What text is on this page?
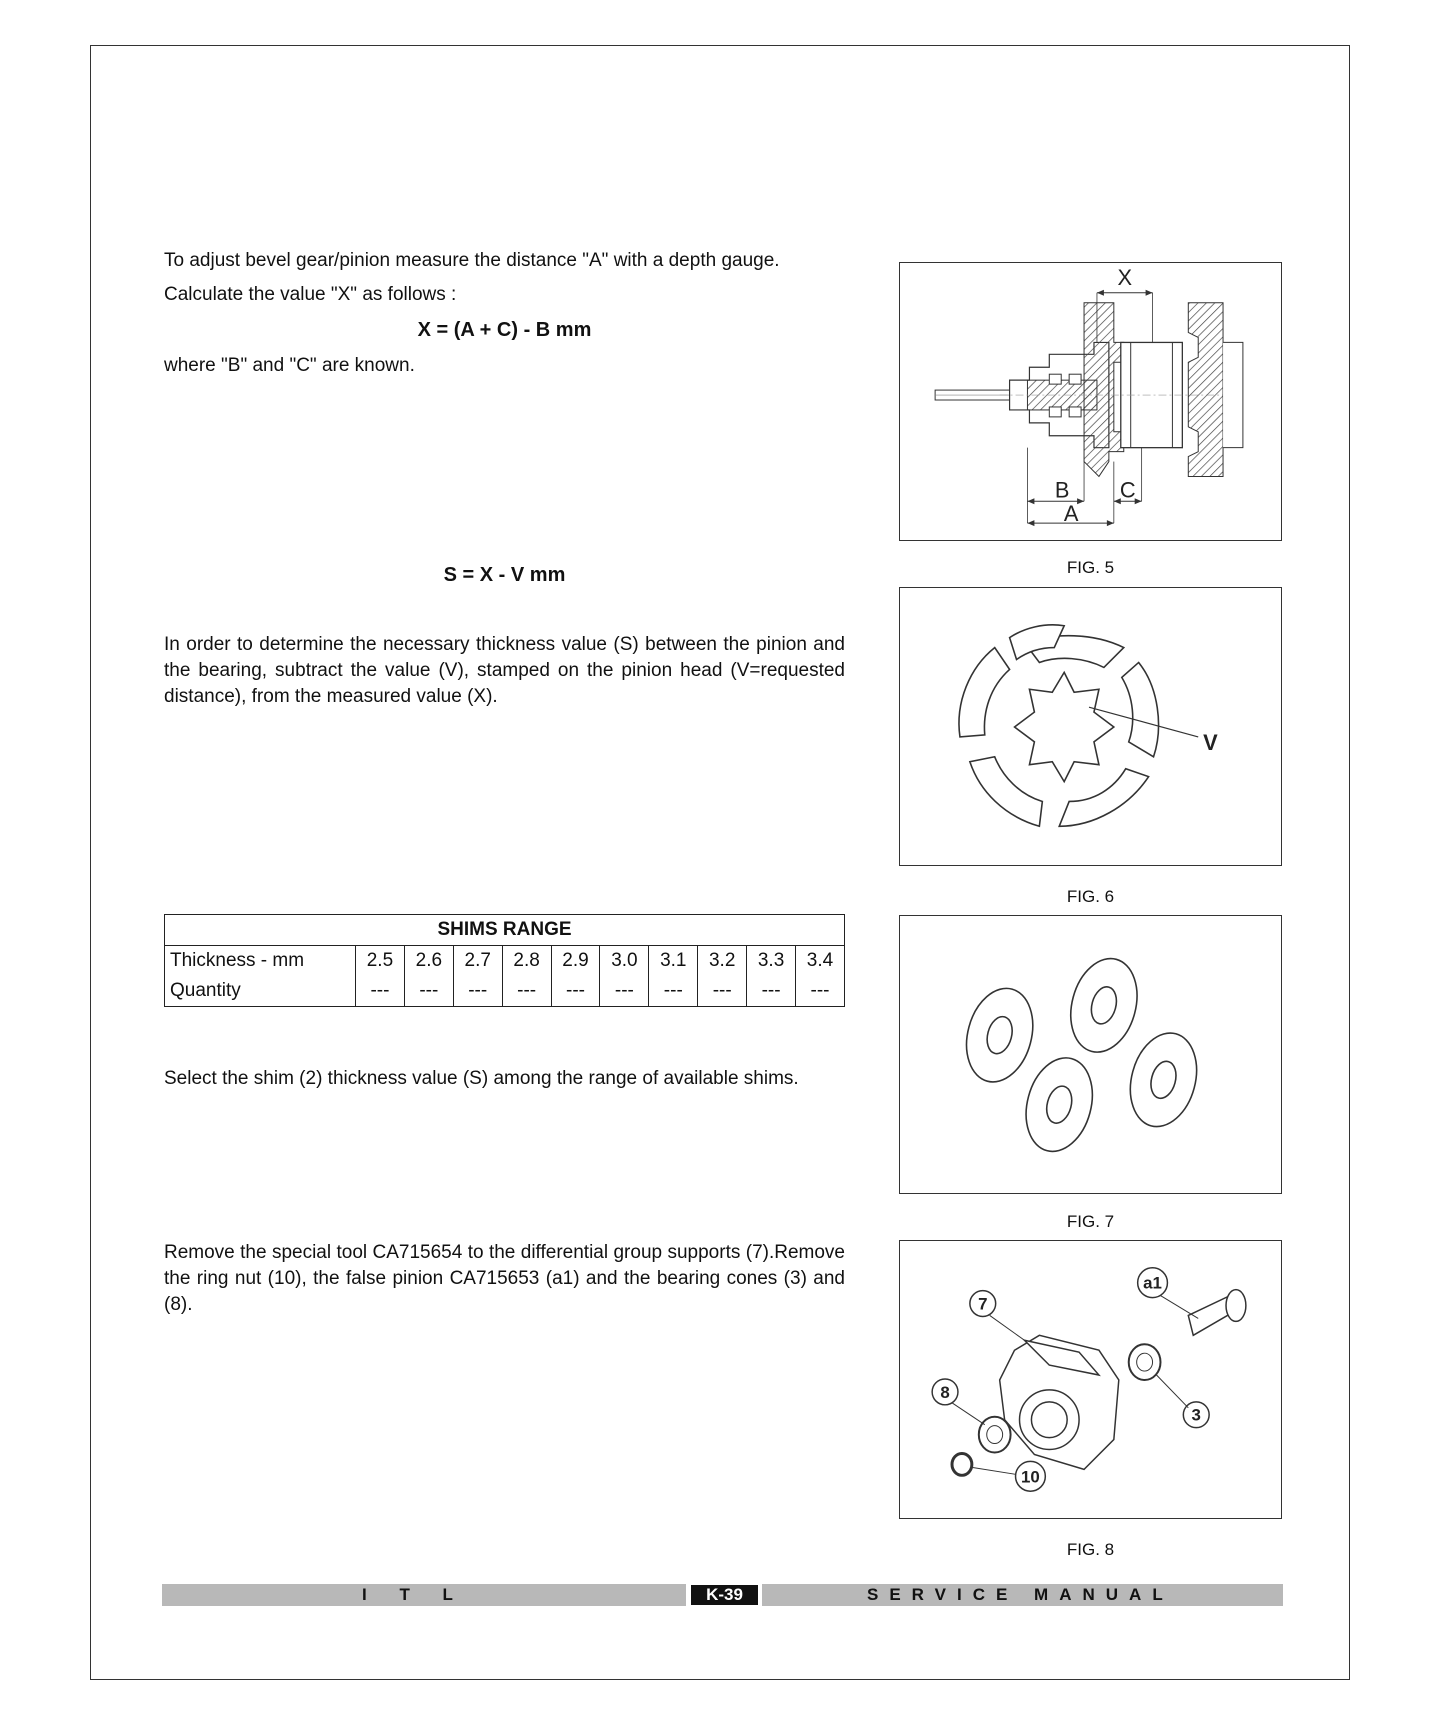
To adjust bevel gear/pinion measure the distance "A" with a depth gauge.
Calculate the value "X" as follows :
X = (A + C) - B mm
where "B" and "C" are known.
S = X - V mm
In order to determine the necessary thickness value (S) between the pinion and the bearing, subtract the value (V), stamped on the pinion head (V=requested distance), from the measured value (X).
Select the shim (2) thickness value (S) among the range of available shims.
Remove the special tool CA715654 to the differential group supports (7).Remove the ring nut (10), the false pinion CA715653 (a1) and the bearing cones (3) and (8).
SHIMS RANGE										
Thickness - mm	2.5	2.6	2.7	2.8	2.9	3.0	3.1	3.2	3.3	3.4
Quantity	---	---	---	---	---	---	---	---	---	---
X
B C
A
FIG. 5
V
FIG. 6
FIG. 7
7
a1
8
3
10
FIG. 8
I T L	K-39	SERVICE MANUAL
